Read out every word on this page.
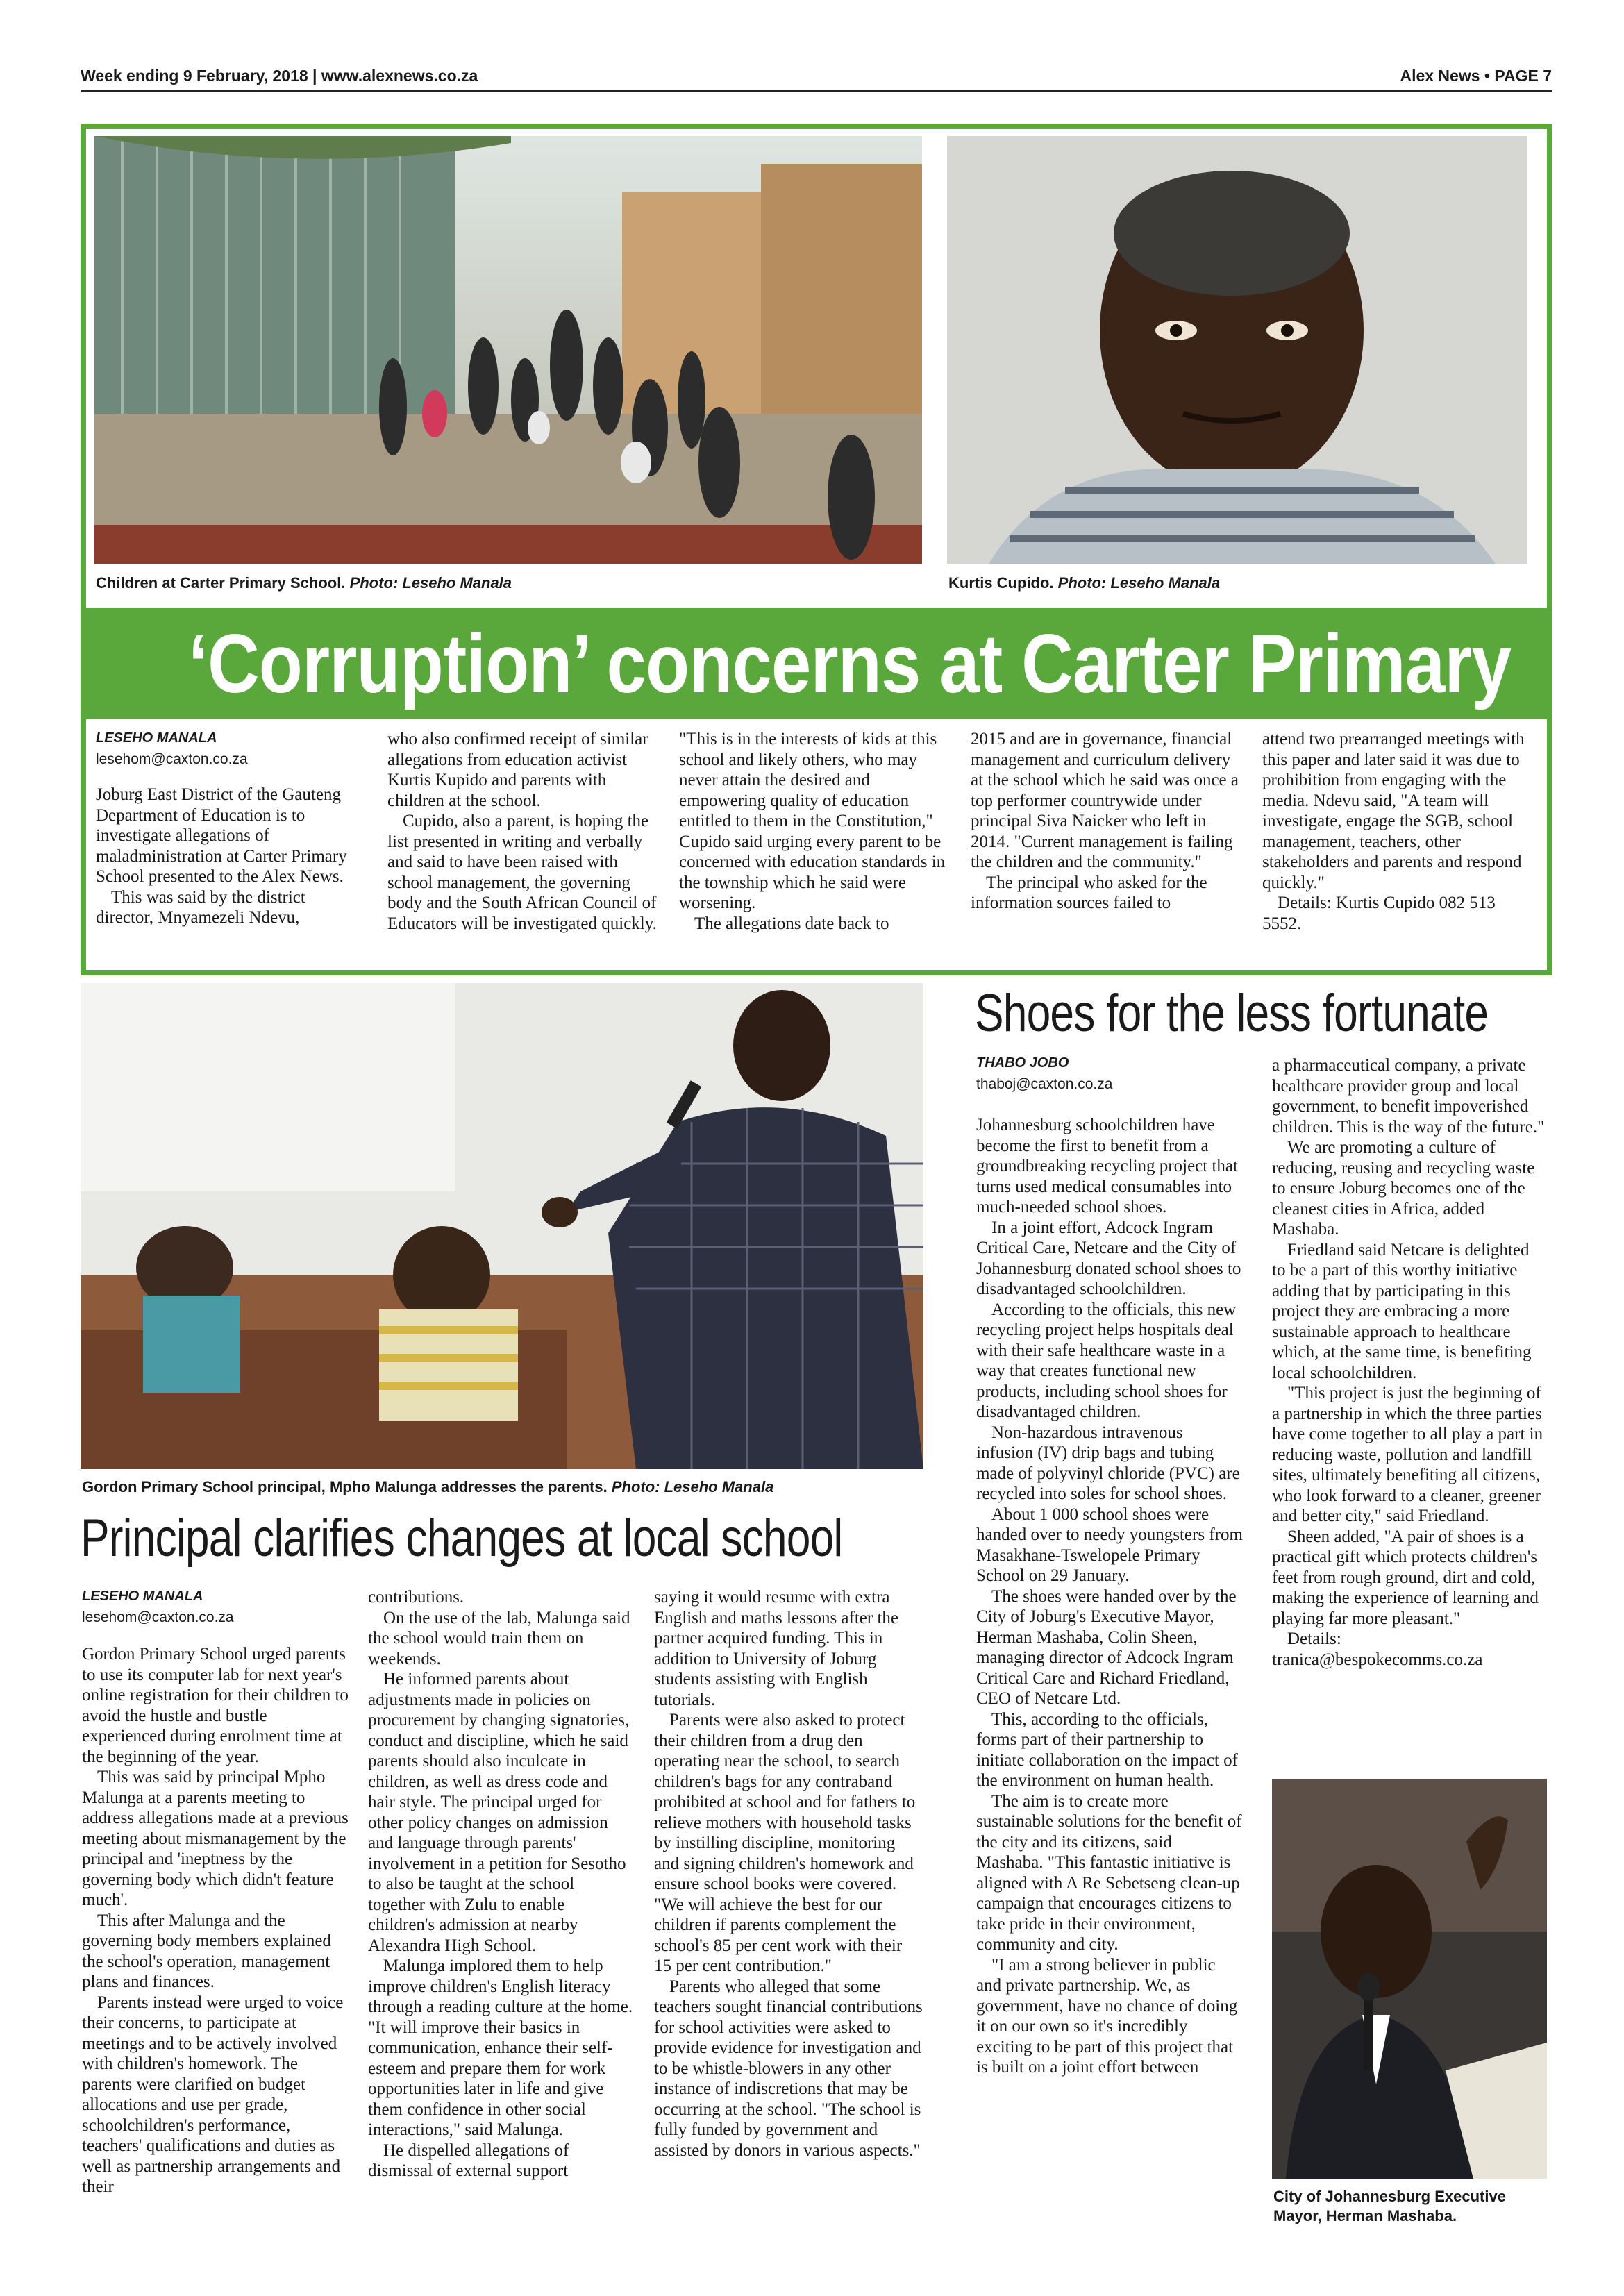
Week ending 9 February, 2018 | www.alexnews.co.za	Alex News • PAGE 7
Children at Carter Primary School. Photo: Leseho Manala	Kurtis Cupido. Photo: Leseho Manala
‘Corruption’ concerns at Carter Primary
LESEHO MANALA
lesehom@caxton.co.za

Joburg East District of the Gauteng Department of Education is to investigate allegations of maladministration at Carter Primary School presented to the Alex News.

This was said by the district director, Mnyamezeli Ndevu,

who also confirmed receipt of similar allegations from education activist Kurtis Kupido and parents with children at the school.

Cupido, also a parent, is hoping the list presented in writing and verbally and said to have been raised with school management, the governing body and the South African Council of Educators will be investigated quickly.

"This is in the interests of kids at this school and likely others, who may never attain the desired and empowering quality of education entitled to them in the Constitution," Cupido said urging every parent to be concerned with education standards in the township which he said were worsening.

The allegations date back to

2015 and are in governance, financial management and curriculum delivery at the school which he said was once a top performer countrywide under principal Siva Naicker who left in 2014. "Current management is failing the children and the community."

The principal who asked for the information sources failed to

attend two prearranged meetings with this paper and later said it was due to prohibition from engaging with the media. Ndevu said, "A team will investigate, engage the SGB, school management, teachers, other stakeholders and parents and respond quickly."

Details: Kurtis Cupido 082 513 5552.

Gordon Primary School principal, Mpho Malunga addresses the parents. Photo: Leseho Manala
Principal clarifies changes at local school
LESEHO MANALA
lesehom@caxton.co.za

Gordon Primary School urged parents to use its computer lab for next year's online registration for their children to avoid the hustle and bustle experienced during enrolment time at the beginning of the year.

This was said by principal Mpho Malunga at a parents meeting to address allegations made at a previous meeting about mismanagement by the principal and 'ineptness by the governing body which didn't feature much'.

This after Malunga and the governing body members explained the school's operation, management plans and finances.

Parents instead were urged to voice their concerns, to participate at meetings and to be actively involved with children's homework. The parents were clarified on budget allocations and use per grade, schoolchildren's performance, teachers' qualifications and duties as well as partnership arrangements and their

contributions.

On the use of the lab, Malunga said the school would train them on weekends.

He informed parents about adjustments made in policies on procurement by changing signatories, conduct and discipline, which he said parents should also inculcate in children, as well as dress code and hair style. The principal urged for other policy changes on admission and language through parents' involvement in a petition for Sesotho to also be taught at the school together with Zulu to enable children's admission at nearby Alexandra High School.

Malunga implored them to help improve children's English literacy through a reading culture at the home. "It will improve their basics in communication, enhance their self-esteem and prepare them for work opportunities later in life and give them confidence in other social interactions," said Malunga.

He dispelled allegations of dismissal of external support

saying it would resume with extra English and maths lessons after the partner acquired funding. This in addition to University of Joburg students assisting with English tutorials.

Parents were also asked to protect their children from a drug den operating near the school, to search children's bags for any contraband prohibited at school and for fathers to relieve mothers with household tasks by instilling discipline, monitoring and signing children's homework and ensure school books were covered. "We will achieve the best for our children if parents complement the school's 85 per cent work with their 15 per cent contribution."

Parents who alleged that some teachers sought financial contributions for school activities were asked to provide evidence for investigation and to be whistle-blowers in any other instance of indiscretions that may be occurring at the school. "The school is fully funded by government and assisted by donors in various aspects."

Shoes for the less fortunate
THABO JOBO
thaboj@caxton.co.za

Johannesburg schoolchildren have become the first to benefit from a groundbreaking recycling project that turns used medical consumables into much-needed school shoes.

In a joint effort, Adcock Ingram Critical Care, Netcare and the City of Johannesburg donated school shoes to disadvantaged schoolchildren.

According to the officials, this new recycling project helps hospitals deal with their safe healthcare waste in a way that creates functional new products, including school shoes for disadvantaged children.

Non-hazardous intravenous infusion (IV) drip bags and tubing made of polyvinyl chloride (PVC) are recycled into soles for school shoes.

About 1 000 school shoes were handed over to needy youngsters from Masakhane-Tswelopele Primary School on 29 January.

The shoes were handed over by the City of Joburg's Executive Mayor, Herman Mashaba, Colin Sheen, managing director of Adcock Ingram Critical Care and Richard Friedland, CEO of Netcare Ltd.

This, according to the officials, forms part of their partnership to initiate collaboration on the impact of the environment on human health.

The aim is to create more sustainable solutions for the benefit of the city and its citizens, said Mashaba. "This fantastic initiative is aligned with A Re Sebetseng clean-up campaign that encourages citizens to take pride in their environment, community and city.

"I am a strong believer in public and private partnership. We, as government, have no chance of doing it on our own so it's incredibly exciting to be part of this project that is built on a joint effort between

a pharmaceutical company, a private healthcare provider group and local government, to benefit impoverished children. This is the way of the future."

We are promoting a culture of reducing, reusing and recycling waste to ensure Joburg becomes one of the cleanest cities in Africa, added Mashaba.

Friedland said Netcare is delighted to be a part of this worthy initiative adding that by participating in this project they are embracing a more sustainable approach to healthcare which, at the same time, is benefiting local schoolchildren.

"This project is just the beginning of a partnership in which the three parties have come together to all play a part in reducing waste, pollution and landfill sites, ultimately benefiting all citizens, who look forward to a cleaner, greener and better city," said Friedland.

Sheen added, "A pair of shoes is a practical gift which protects children's feet from rough ground, dirt and cold, making the experience of learning and playing far more pleasant."

Details: tranica@bespokecomms.co.za

City of Johannesburg Executive Mayor, Herman Mashaba.
